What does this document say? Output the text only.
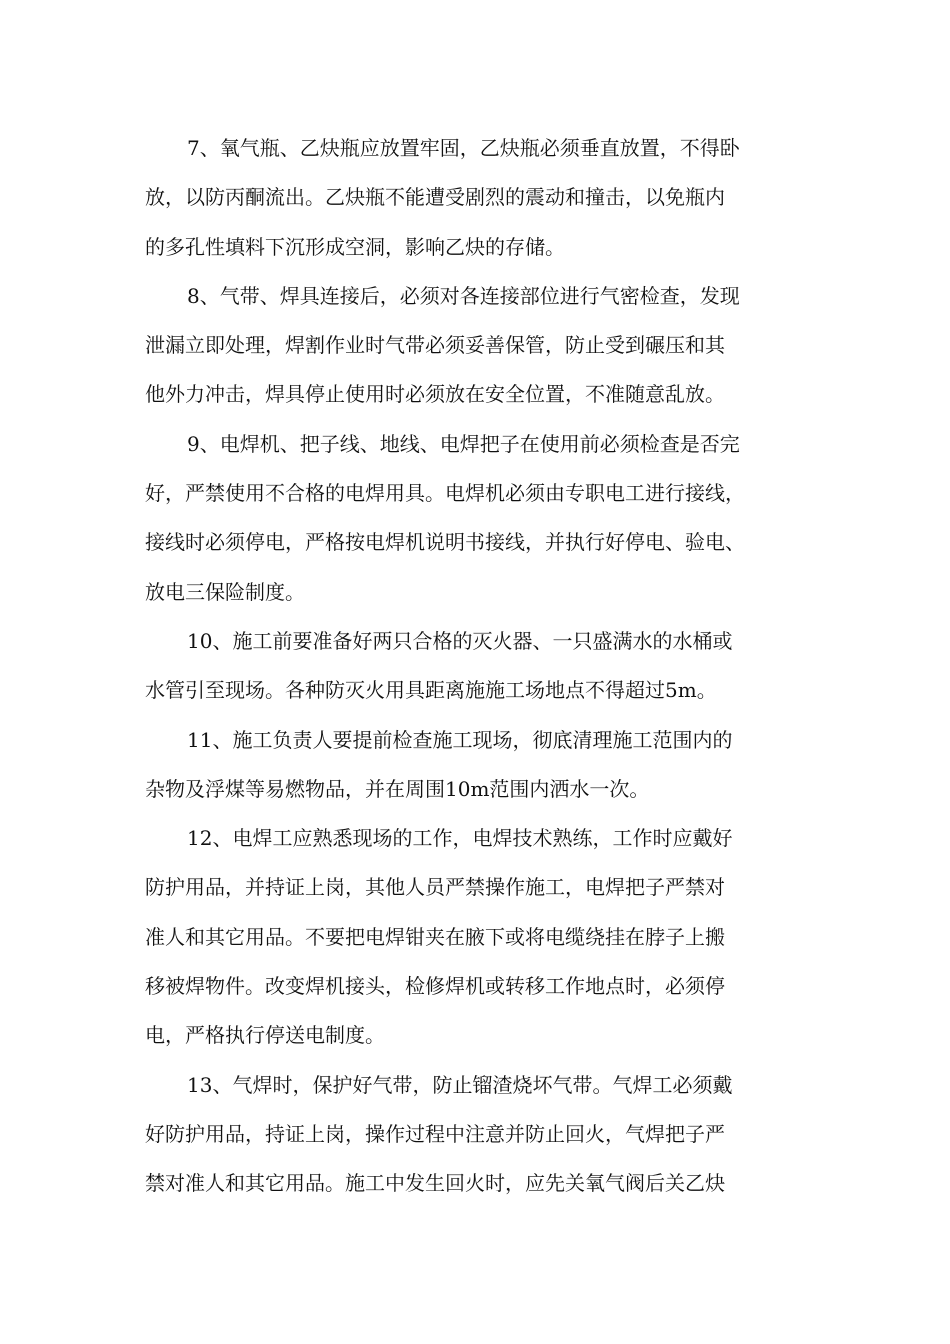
7、氧气瓶、乙炔瓶应放置牢固，乙炔瓶必须垂直放置，不得卧
放，以防丙酮流出。乙炔瓶不能遭受剧烈的震动和撞击，以免瓶内
的多孔性填料下沉形成空洞，影响乙炔的存储。
8、气带、焊具连接后，必须对各连接部位进行气密检查，发现
泄漏立即处理，焊割作业时气带必须妥善保管，防止受到碾压和其
他外力冲击，焊具停止使用时必须放在安全位置，不准随意乱放。
9、电焊机、把子线、地线、电焊把子在使用前必须检查是否完
好，严禁使用不合格的电焊用具。电焊机必须由专职电工进行接线，
接线时必须停电，严格按电焊机说明书接线，并执行好停电、验电、
放电三保险制度。
10、施工前要准备好两只合格的灭火器、一只盛满水的水桶或
水管引至现场。各种防灭火用具距离施施工场地点不得超过5m。
11、施工负责人要提前检查施工现场，彻底清理施工范围内的
杂物及浮煤等易燃物品，并在周围10m范围内洒水一次。
12、电焊工应熟悉现场的工作，电焊技术熟练，工作时应戴好
防护用品，并持证上岗，其他人员严禁操作施工，电焊把子严禁对
准人和其它用品。不要把电焊钳夹在腋下或将电缆绕挂在脖子上搬
移被焊物件。改变焊机接头，检修焊机或转移工作地点时，必须停
电，严格执行停送电制度。
13、气焊时，保护好气带，防止镏渣烧坏气带。气焊工必须戴
好防护用品，持证上岗，操作过程中注意并防止回火，气焊把子严
禁对准人和其它用品。施工中发生回火时，应先关氧气阀后关乙炔
